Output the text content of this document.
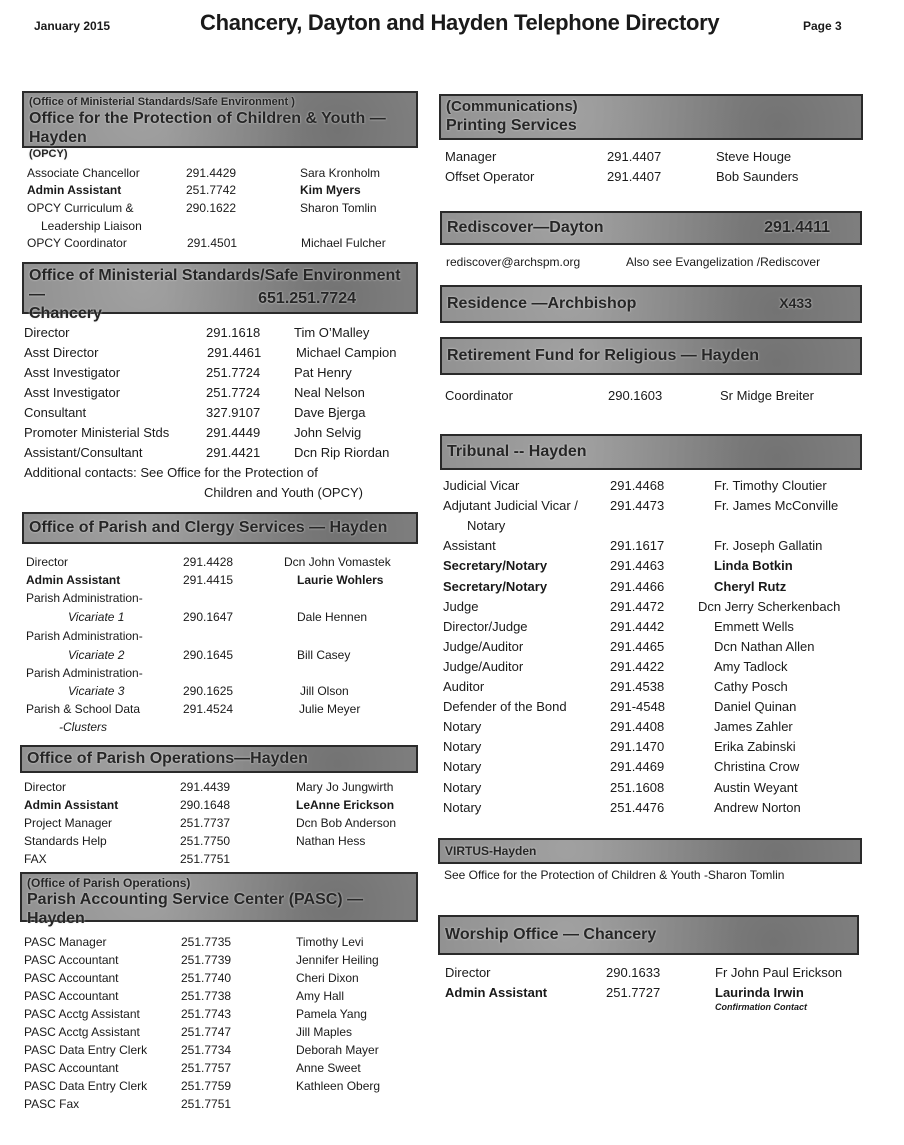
January 2015	Chancery, Dayton and Hayden Telephone Directory	Page 3
(Office of Ministerial Standards/Safe Environment )
Office for the Protection of Children & Youth —Hayden
(OPCY)
Associate Chancellor	291.4429	Sara Kronholm
Admin Assistant	251.7742	Kim Myers
OPCY Curriculum &	290.1622	Sharon Tomlin
Leadership Liaison
OPCY Coordinator	291.4501	Michael Fulcher
Office of Ministerial Standards/Safe Environment —
Chancery
651.251.7724
Director	291.1618	Tim O’Malley
Asst Director	291.4461	Michael Campion
Asst Investigator	251.7724	Pat Henry
Asst Investigator	251.7724	Neal Nelson
Consultant	327.9107	Dave Bjerga
Promoter Ministerial Stds	291.4449	John Selvig
Assistant/Consultant	291.4421	Dcn Rip Riordan
Additional contacts: See Office for the Protection of
Children and Youth (OPCY)
Office of Parish and Clergy Services — Hayden
Director	291.4428	Dcn John Vomastek
Admin Assistant	291.4415	Laurie Wohlers
Parish Administration-
Vicariate 1	290.1647	Dale Hennen
Parish Administration-
Vicariate 2	290.1645	Bill Casey
Parish Administration-
Vicariate 3	290.1625	Jill Olson
Parish & School Data	291.4524	Julie Meyer
-Clusters
Office of Parish Operations—Hayden
Director	291.4439	Mary Jo Jungwirth
Admin Assistant	290.1648	LeAnne Erickson
Project Manager	251.7737	Dcn Bob Anderson
Standards Help	251.7750	Nathan Hess
FAX	251.7751
(Office of Parish Operations)
Parish Accounting Service Center (PASC) — Hayden
PASC Manager	251.7735	Timothy Levi
PASC Accountant	251.7739	Jennifer Heiling
PASC Accountant	251.7740	Cheri Dixon
PASC Accountant	251.7738	Amy Hall
PASC Acctg Assistant	251.7743	Pamela Yang
PASC Acctg Assistant	251.7747	Jill Maples
PASC Data Entry Clerk	251.7734	Deborah Mayer
PASC Accountant	251.7757	Anne Sweet
PASC Data Entry Clerk	251.7759	Kathleen Oberg
PASC Fax	251.7751
(Communications)
Printing Services
Manager	291.4407	Steve Houge
Offset Operator	291.4407	Bob Saunders
Rediscover—Dayton	291.4411
rediscover@archspm.org	Also see Evangelization /Rediscover
Residence —Archbishop	X433
Retirement Fund for Religious — Hayden
Coordinator	290.1603	Sr Midge Breiter
Tribunal -- Hayden
Judicial Vicar	291.4468	Fr. Timothy Cloutier
Adjutant Judicial Vicar / 291.4473	Fr. James McConville
Notary
Assistant	291.1617	Fr. Joseph Gallatin
Secretary/Notary	291.4463	Linda Botkin
Secretary/Notary	291.4466	Cheryl Rutz
Judge	291.4472	Dcn Jerry Scherkenbach
Director/Judge	291.4442	Emmett Wells
Judge/Auditor	291.4465	Dcn Nathan Allen
Judge/Auditor	291.4422	Amy Tadlock
Auditor	291.4538	Cathy Posch
Defender of the Bond	291-4548	Daniel Quinan
Notary	291.4408	James Zahler
Notary	291.1470	Erika Zabinski
Notary	291.4469	Christina Crow
Notary	251.1608	Austin Weyant
Notary	251.4476	Andrew Norton
VIRTUS-Hayden
See Office for the Protection of Children & Youth -Sharon Tomlin
Worship Office — Chancery
Director	290.1633	Fr John Paul Erickson
Admin Assistant	251.7727	Laurinda Irwin
Confirmation Contact
